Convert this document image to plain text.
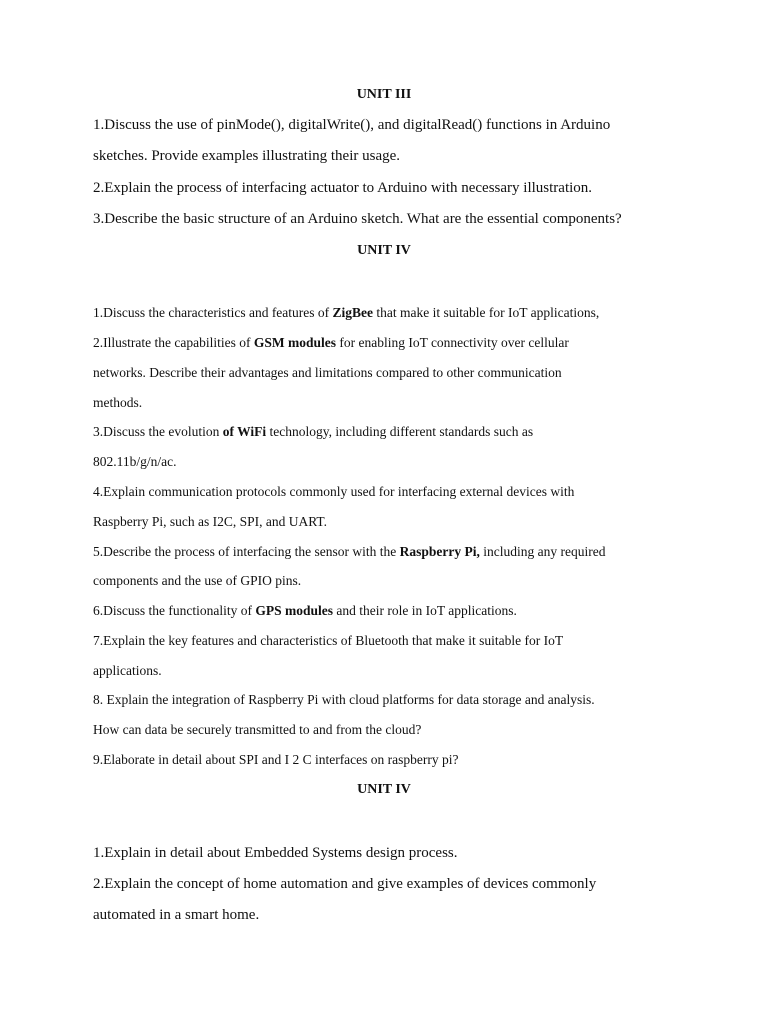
UNIT III
1.Discuss the use of pinMode(), digitalWrite(), and digitalRead() functions in Arduino
sketches. Provide examples illustrating their usage.
2.Explain the process of interfacing actuator to Arduino with necessary illustration.
3.Describe the basic structure of an Arduino sketch. What are the essential components?
UNIT IV
1.Discuss the characteristics and features of ZigBee that make it suitable for IoT applications,
2.Illustrate the capabilities of GSM modules for enabling IoT connectivity over cellular
networks. Describe their advantages and limitations compared to other communication
methods.
3.Discuss the evolution of WiFi technology, including different standards such as
802.11b/g/n/ac.
4.Explain communication protocols commonly used for interfacing external devices with
Raspberry Pi, such as I2C, SPI, and UART.
5.Describe the process of interfacing the sensor with the Raspberry Pi, including any required
components and the use of GPIO pins.
6.Discuss the functionality of GPS modules and their role in IoT applications.
7.Explain the key features and characteristics of Bluetooth that make it suitable for IoT
applications.
8. Explain the integration of Raspberry Pi with cloud platforms for data storage and analysis.
How can data be securely transmitted to and from the cloud?
9.Elaborate in detail about SPI and I 2 C interfaces on raspberry pi?
UNIT IV
1.Explain in detail about Embedded Systems design process.
2.Explain the concept of home automation and give examples of devices commonly
automated in a smart home.
